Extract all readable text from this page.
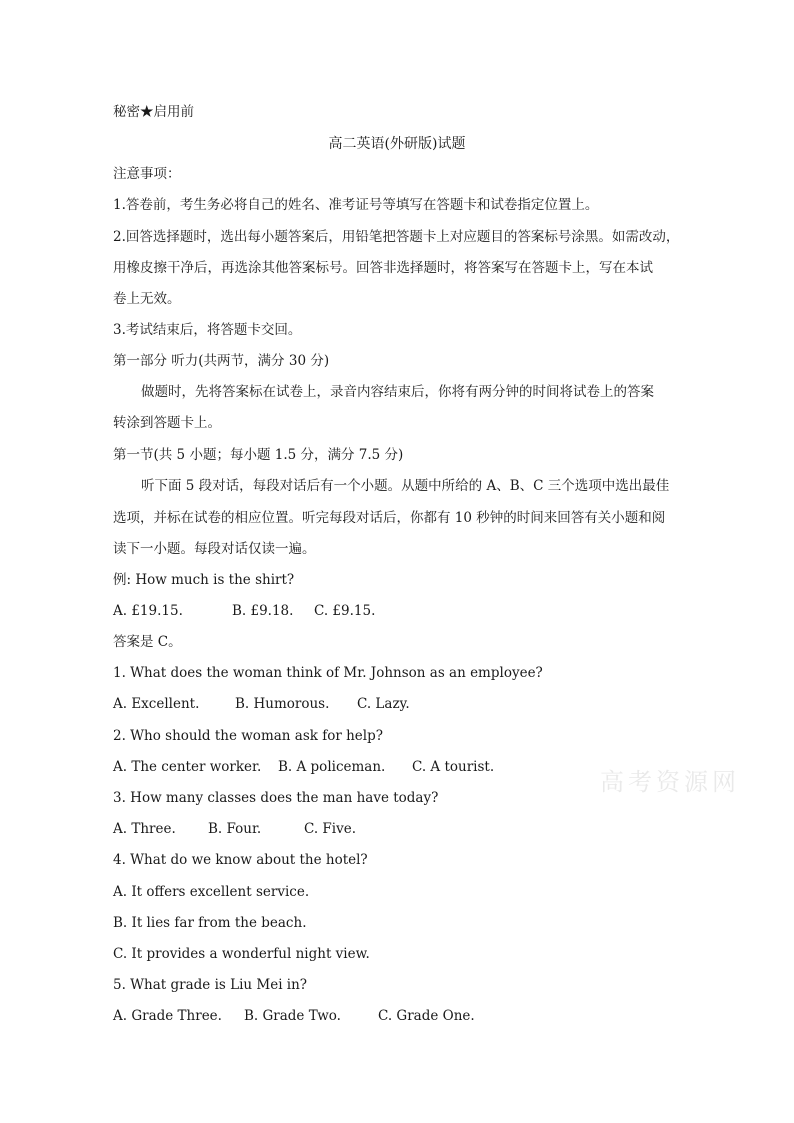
秘密★启用前
高二英语(外研版)试题
注意事项：
1.答卷前，考生务必将自己的姓名、准考证号等填写在答题卡和试卷指定位置上。
2.回答选择题时，选出每小题答案后，用铅笔把答题卡上对应题目的答案标号涂黑。如需改动，
用橡皮擦干净后，再选涂其他答案标号。回答非选择题时，将答案写在答题卡上，写在本试
卷上无效。
3.考试结束后，将答题卡交回。
第一部分 听力(共两节，满分 30 分)
做题时，先将答案标在试卷上，录音内容结束后，你将有两分钟的时间将试卷上的答案
转涂到答题卡上。
第一节(共 5 小题；每小题 1.5 分，满分 7.5 分)
听下面 5 段对话，每段对话后有一个小题。从题中所给的 A、B、C 三个选项中选出最佳
选项，并标在试卷的相应位置。听完每段对话后，你都有 10 秒钟的时间来回答有关小题和阅
读下一小题。每段对话仅读一遍。
例: How much is the shirt?
A. £19.15.	B. £9.18. C. £9.15.
答案是 C。
1. What does the woman think of Mr. Johnson as an employee?
A. Excellent.	B. Humorous. C. Lazy.
2. Who should the woman ask for help?
A. The center worker. B. A policeman. C. A tourist.
3. How many classes does the man have today?
A. Three. B. Four.	C. Five.
4. What do we know about the hotel?
A. It offers excellent service.
B. It lies far from the beach.
C. It provides a wonderful night view.
5. What grade is Liu Mei in?
A. Grade Three. B. Grade Two.	C. Grade One.
高考资源网
